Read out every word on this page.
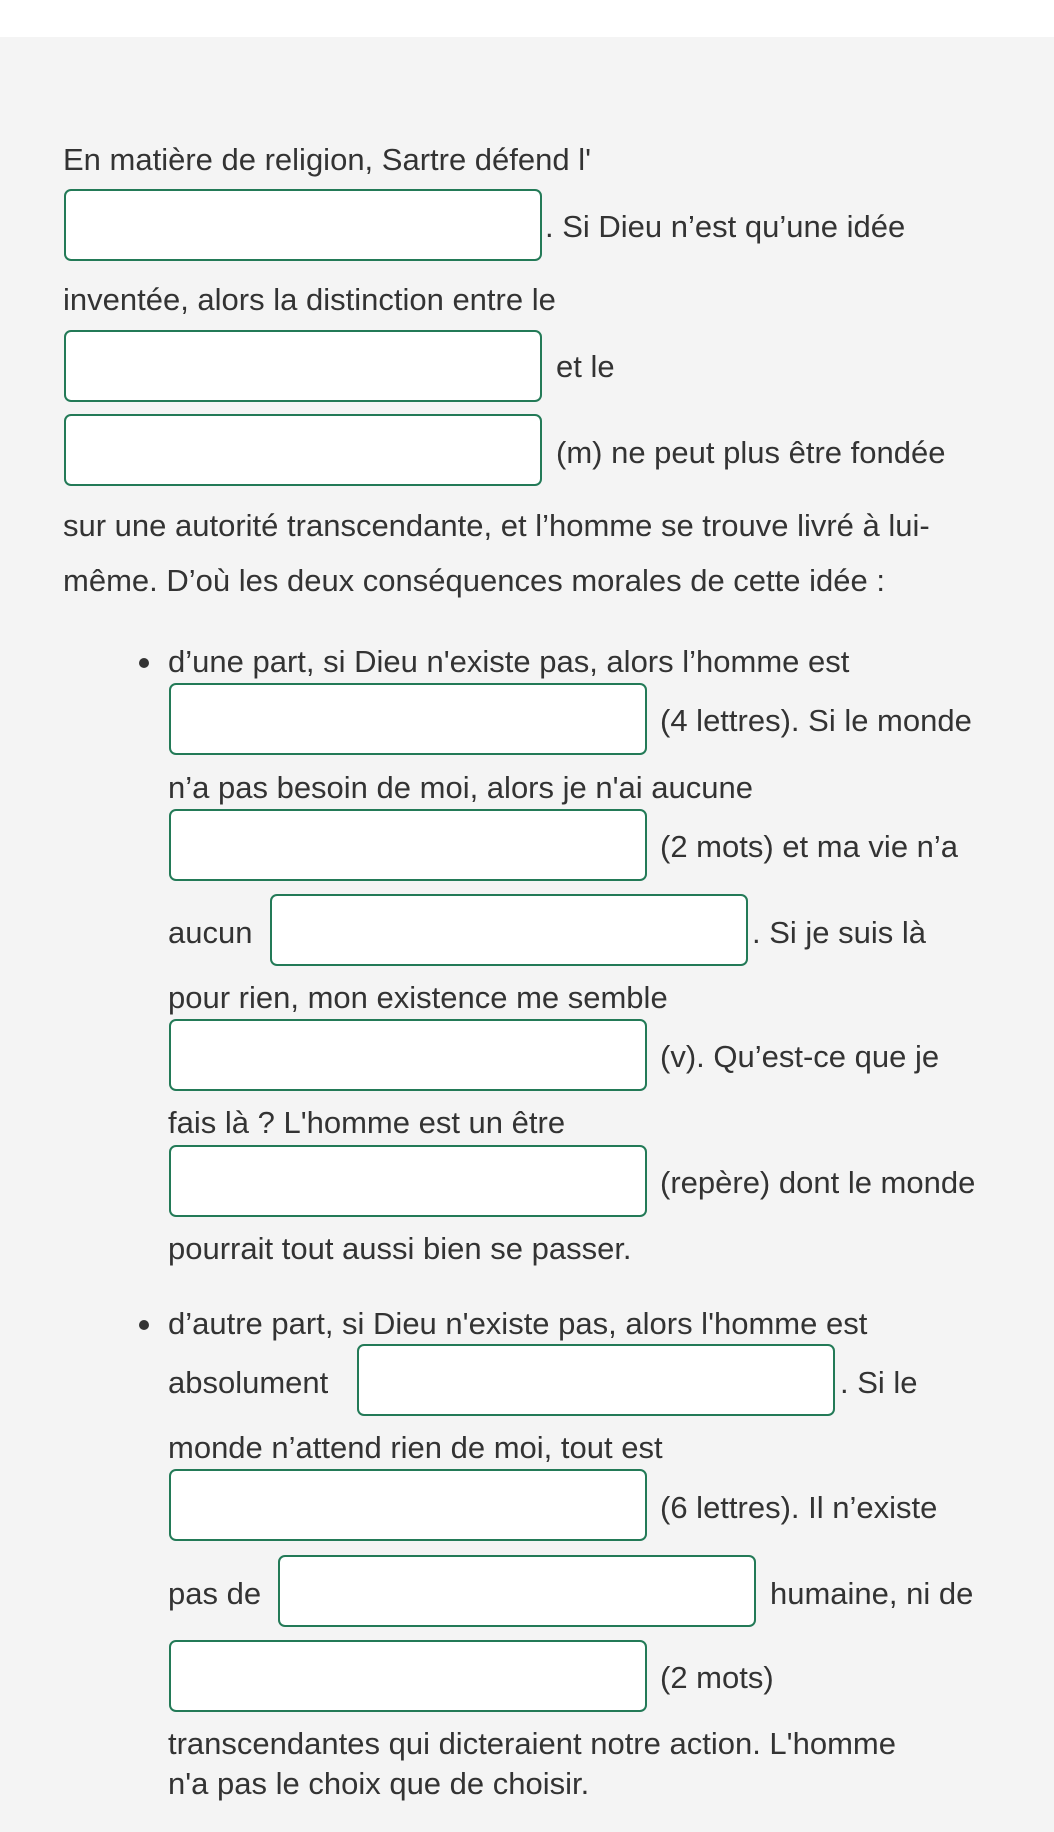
En matière de religion, Sartre défend l'
. Si Dieu n’est qu’une idée
inventée, alors la distinction entre le
et le
(m) ne peut plus être fondée
sur une autorité transcendante, et l’homme se trouve livré à lui-
même. D’où les deux conséquences morales de cette idée :
d’une part, si Dieu n'existe pas, alors l’homme est
(4 lettres). Si le monde
n’a pas besoin de moi, alors je n'ai aucune
(2 mots) et ma vie n’a
aucun	. Si je suis là
pour rien, mon existence me semble
(v). Qu’est-ce que je
fais là ? L'homme est un être
(repère) dont le monde
pourrait tout aussi bien se passer.
d’autre part, si Dieu n'existe pas, alors l'homme est
absolument	. Si le
monde n’attend rien de moi, tout est
(6 lettres). Il n’existe
pas de	humaine, ni de
(2 mots)
transcendantes qui dicteraient notre action. L'homme
n'a pas le choix que de choisir.
